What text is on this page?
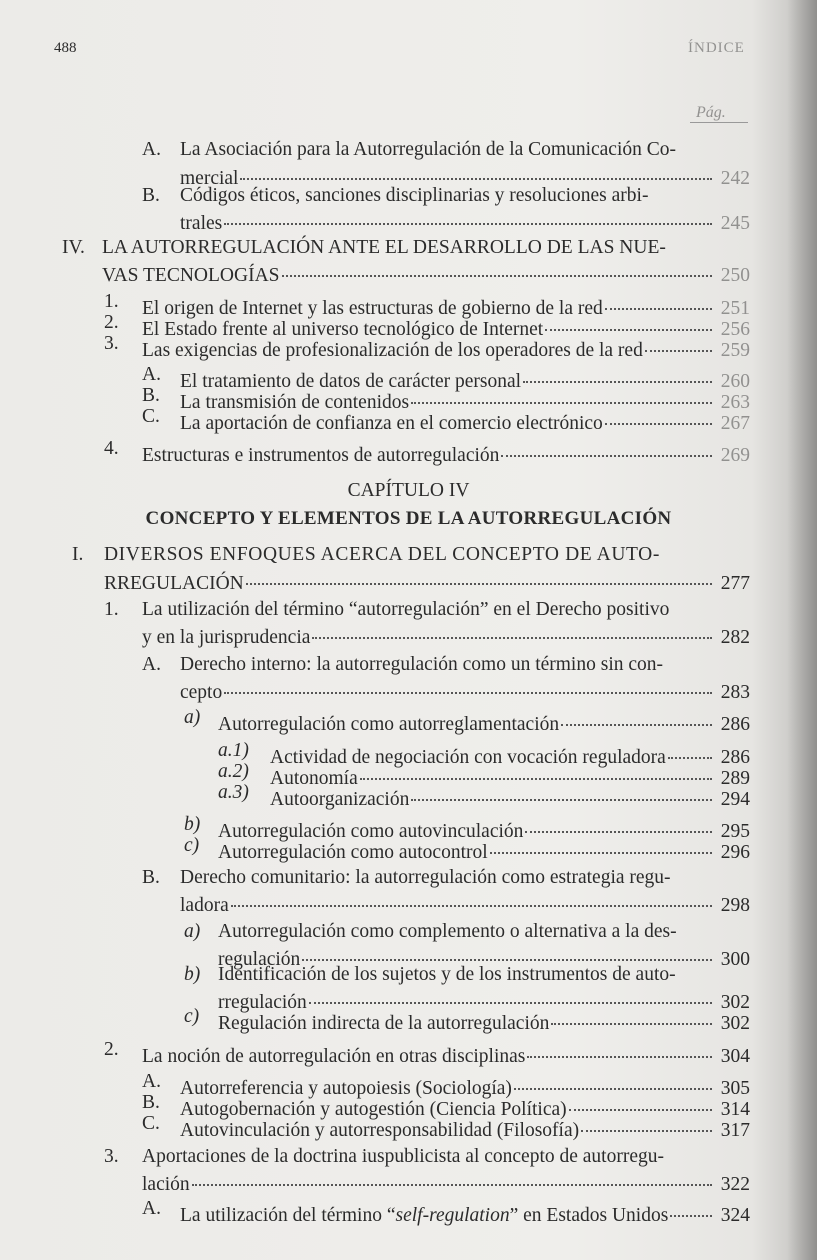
488	ÍNDICE
Pág.
A. La Asociación para la Autorregulación de la Comunicación Co-
mercial	242
B. Códigos éticos, sanciones disciplinarias y resoluciones arbi-
trales	245
IV. LA AUTORREGULACIÓN ANTE EL DESARROLLO DE LAS NUE-
VAS TECNOLOGÍAS	250
1. El origen de Internet y las estructuras de gobierno de la red	251
2. El Estado frente al universo tecnológico de Internet	256
3. Las exigencias de profesionalización de los operadores de la red	259
A. El tratamiento de datos de carácter personal	260
B. La transmisión de contenidos	263
C. La aportación de confianza en el comercio electrónico	267
4. Estructuras e instrumentos de autorregulación	269
CAPÍTULO IV
CONCEPTO Y ELEMENTOS DE LA AUTORREGULACIÓN
I. DIVERSOS ENFOQUES ACERCA DEL CONCEPTO DE AUTO-
RREGULACIÓN	277
1. La utilización del término “autorregulación” en el Derecho positivo
y en la jurisprudencia	282
A. Derecho interno: la autorregulación como un término sin con-
cepto	283
a) Autorregulación como autorreglamentación	286
a.1) Actividad de negociación con vocación reguladora	286
a.2) Autonomía	289
a.3) Autoorganización	294
b) Autorregulación como autovinculación	295
c) Autorregulación como autocontrol	296
B. Derecho comunitario: la autorregulación como estrategia regu-
ladora	298
a) Autorregulación como complemento o alternativa a la des-
regulación	300
b) Identificación de los sujetos y de los instrumentos de auto-
rregulación	302
c) Regulación indirecta de la autorregulación	302
2. La noción de autorregulación en otras disciplinas	304
A. Autorreferencia y autopoiesis (Sociología)	305
B. Autogobernación y autogestión (Ciencia Política)	314
C. Autovinculación y autorresponsabilidad (Filosofía)	317
3. Aportaciones de la doctrina iuspublicista al concepto de autorregu-
lación	322
A. La utilización del término “self-regulation” en Estados Unidos	324
